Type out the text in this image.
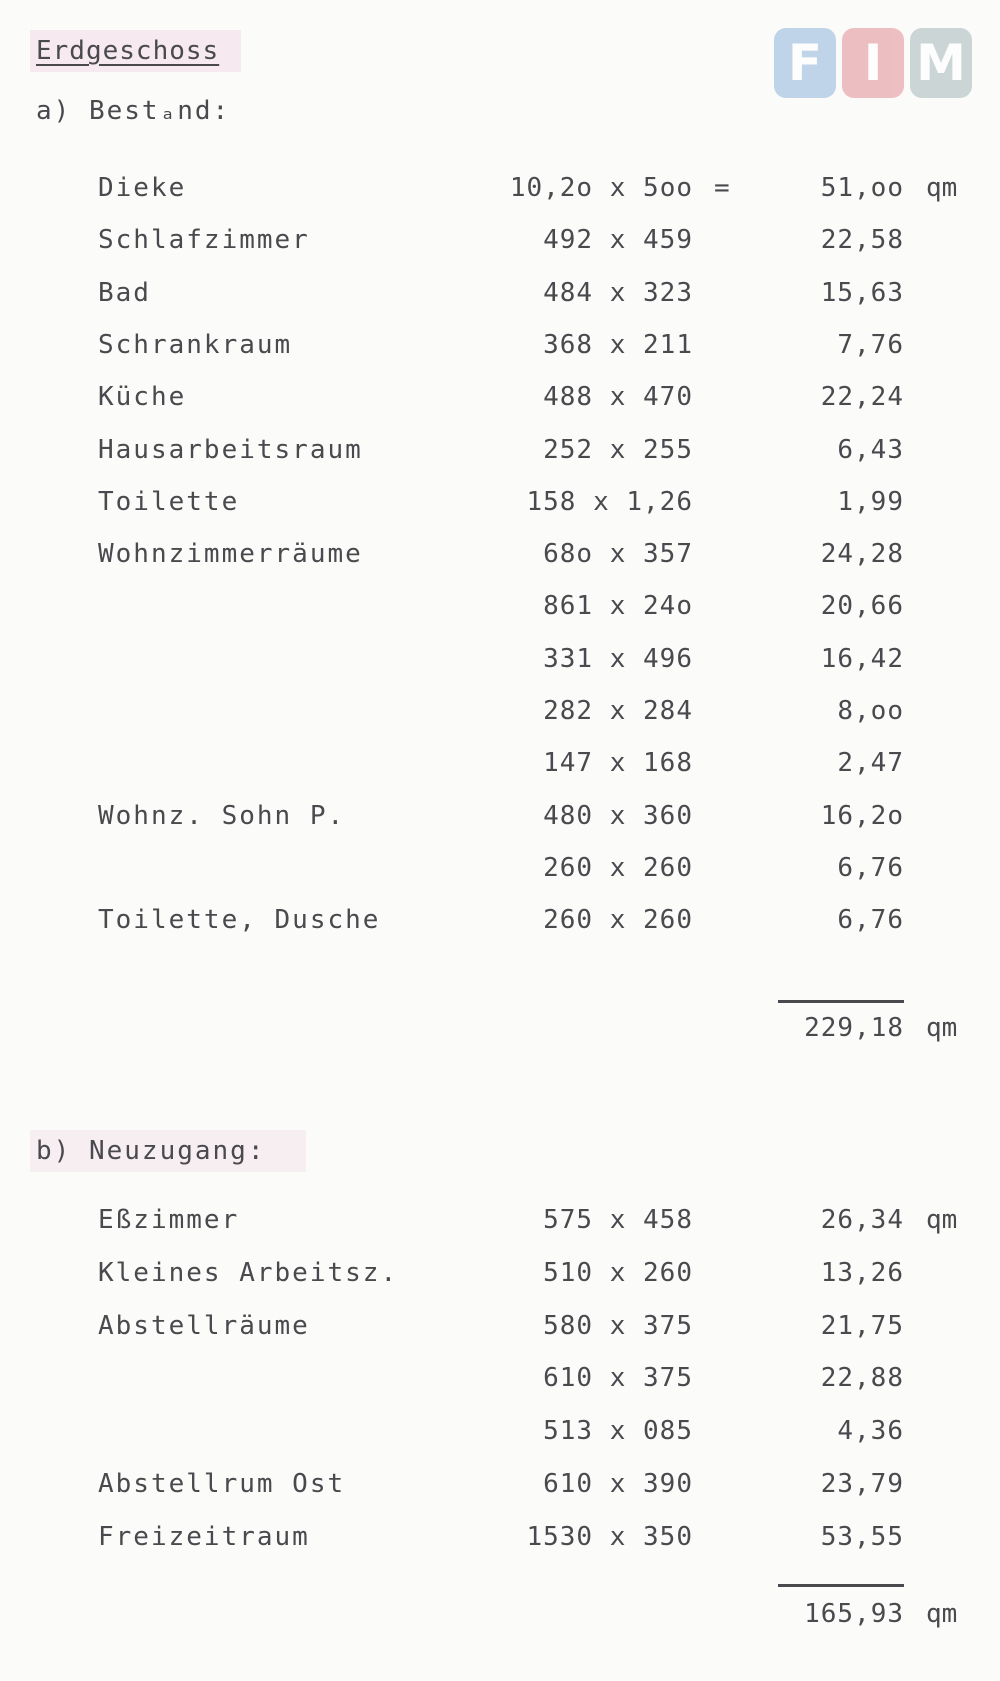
F I M
Erdgeschoss
a) Bestₐnd:
Dieke	10,2o x 5oo =	51,oo qm
Schlafzimmer	492 x 459	22,58
Bad	484 x 323	15,63
Schrankraum	368 x 211	7,76
Küche	488 x 470	22,24
Hausarbeitsraum	252 x 255	6,43
Toilette	158 x 1,26	1,99
Wohnzimmerräume	68o x 357	24,28
861 x 24o	20,66
331 x 496	16,42
282 x 284	8,oo
147 x 168	2,47
Wohnz. Sohn P.	480 x 360	16,2o
260 x 260	6,76
Toilette, Dusche	260 x 260	6,76
229,18 qm
b) Neuzugang:
Eßzimmer	575 x 458	26,34 qm
Kleines Arbeitsz.	510 x 260	13,26
Abstellräume	580 x 375	21,75
610 x 375	22,88
513 x 085	4,36
Abstellrum Ost	610 x 390	23,79
Freizeitraum	1530 x 350	53,55
165,93 qm
